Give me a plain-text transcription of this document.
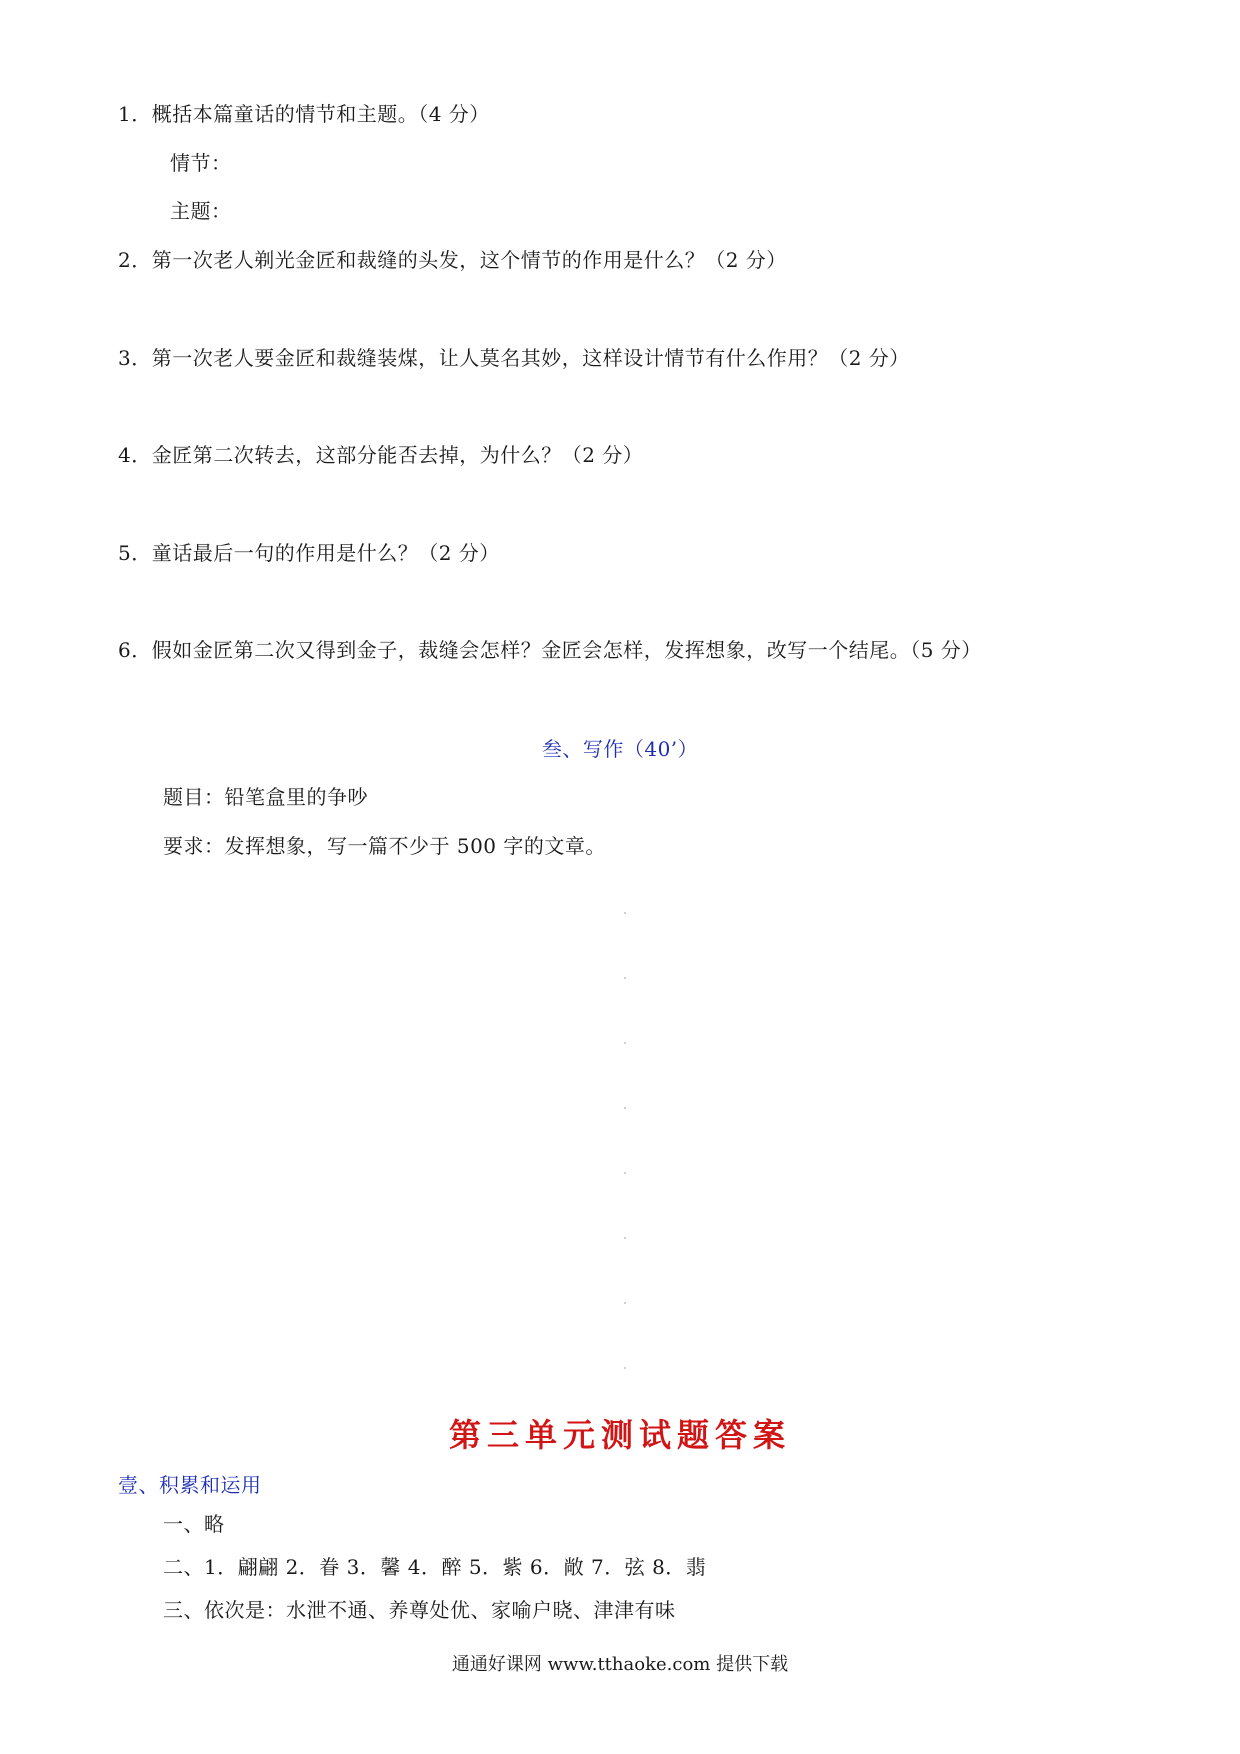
1．概括本篇童话的情节和主题。（4 分）
情节：
主题：
2．第一次老人剃光金匠和裁缝的头发，这个情节的作用是什么？（2 分）
3．第一次老人要金匠和裁缝装煤，让人莫名其妙，这样设计情节有什么作用？（2 分）
4．金匠第二次转去，这部分能否去掉，为什么？（2 分）
5．童话最后一句的作用是什么？（2 分）
6．假如金匠第二次又得到金子，裁缝会怎样？金匠会怎样，发挥想象，改写一个结尾。（5 分）
叁、写作（40’）
题目：铅笔盒里的争吵
要求：发挥想象，写一篇不少于 500 字的文章。
第三单元测试题答案
壹、积累和运用
一、略
二、1．翩翩 2．眷 3．馨 4．醉 5．紫 6．敞 7．弦 8．翡
三、依次是：水泄不通、养尊处优、家喻户晓、津津有味
通通好课网 www.tthaoke.com 提供下载
